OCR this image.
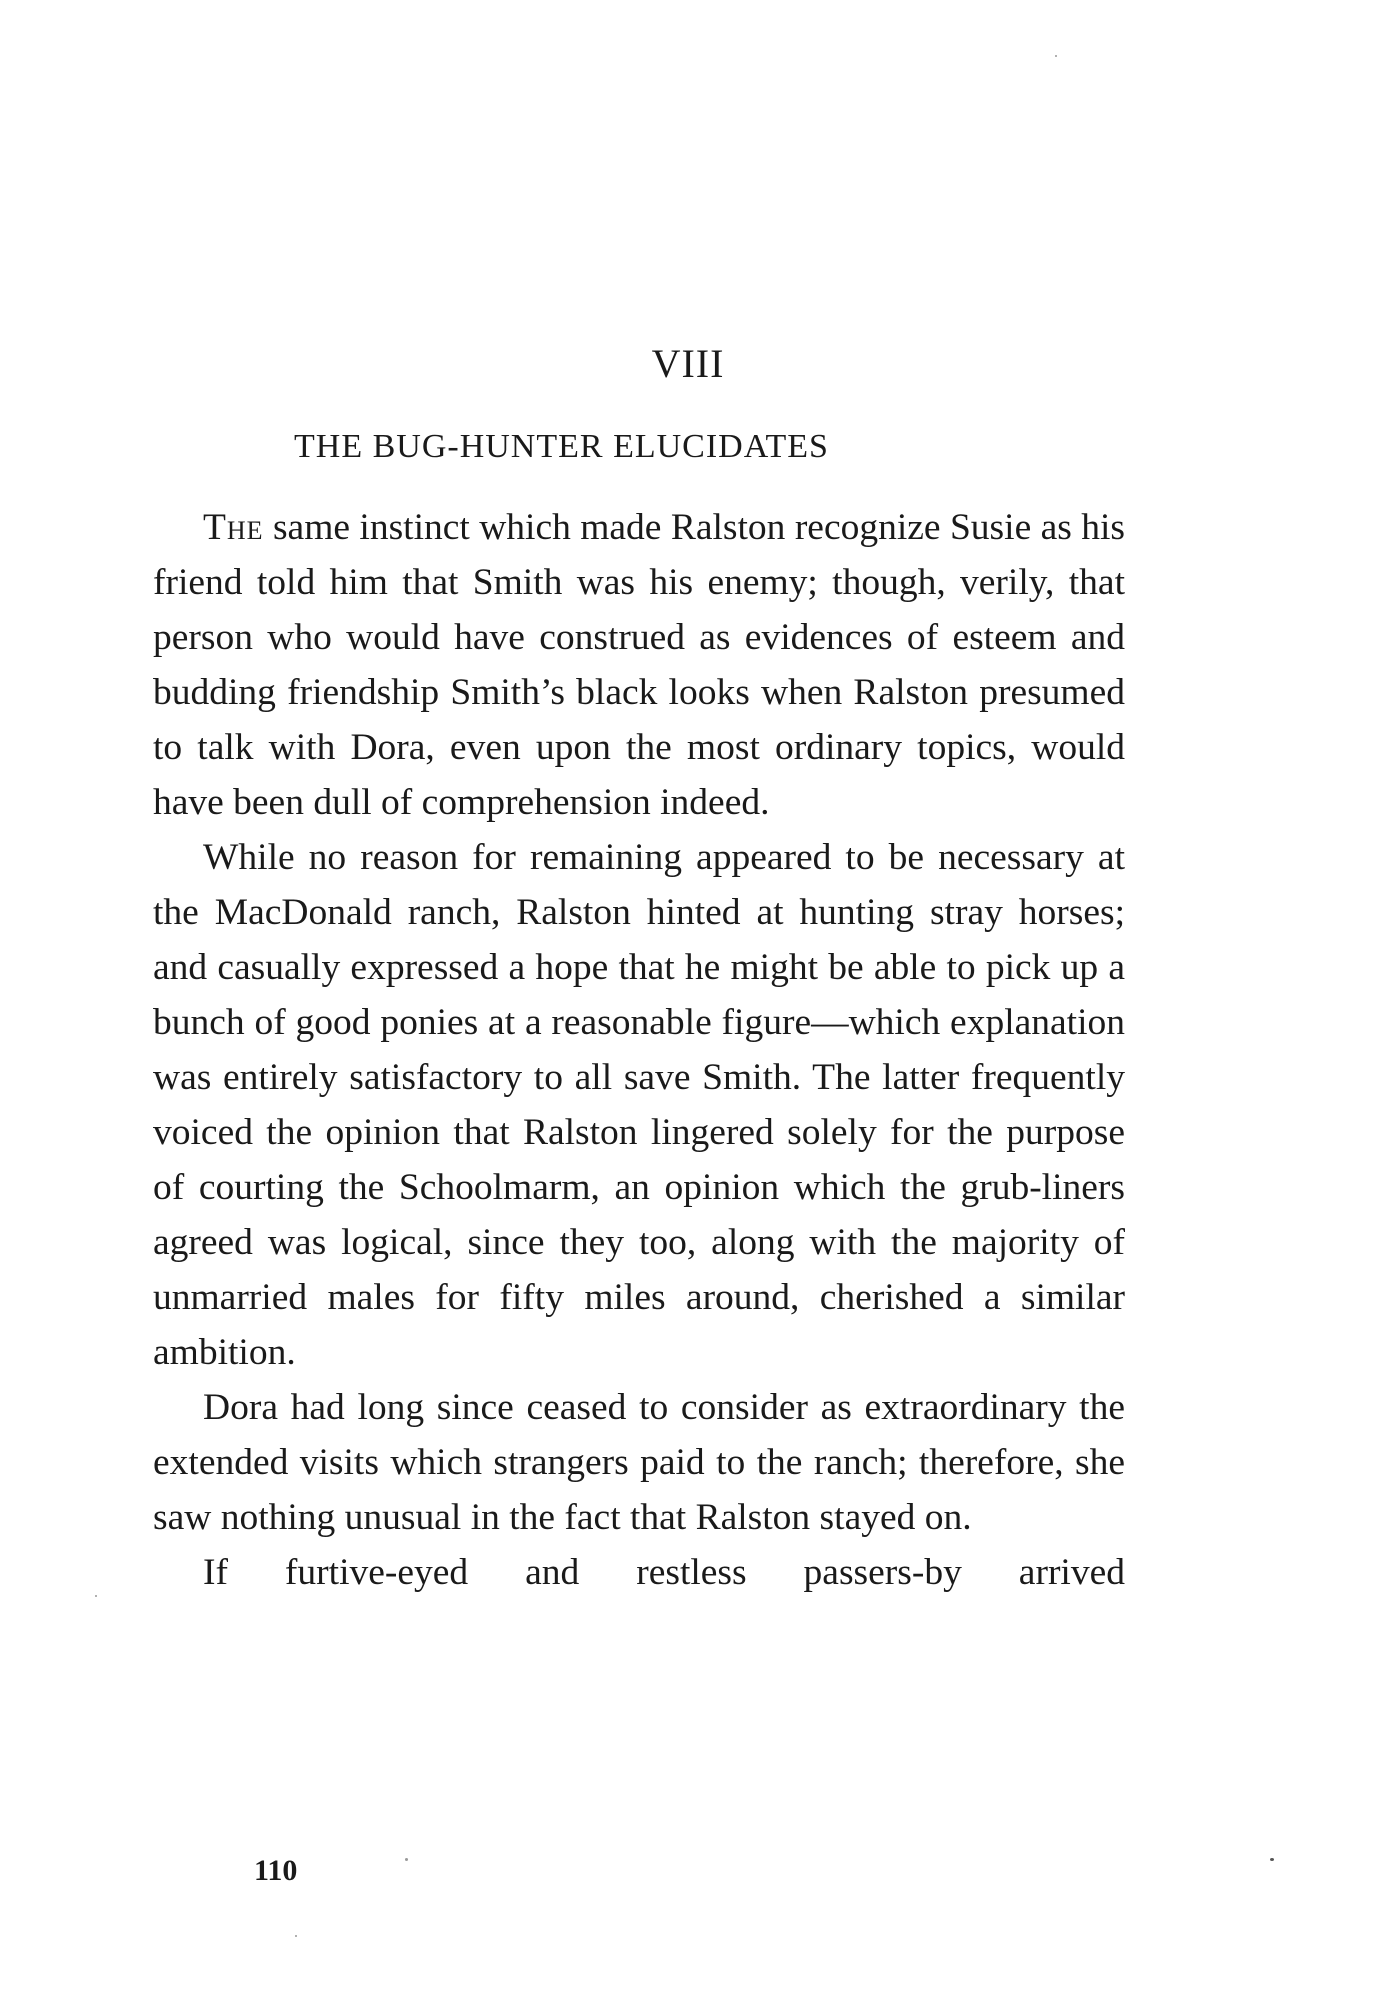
VIII
THE BUG-HUNTER ELUCIDATES

The same instinct which made Ralston recognize Susie as his friend told him that Smith was his enemy; though, verily, that person who would have construed as evidences of esteem and budding friendship Smith’s black looks when Ralston presumed to talk with Dora, even upon the most ordinary topics, would have been dull of comprehension indeed.

While no reason for remaining appeared to be necessary at the MacDonald ranch, Ralston hinted at hunting stray horses; and casually expressed a hope that he might be able to pick up a bunch of good ponies at a reasonable figure—which explanation was entirely satisfactory to all save Smith. The latter frequently voiced the opinion that Ralston lingered solely for the purpose of courting the Schoolmarm, an opinion which the grub-liners agreed was logical, since they too, along with the majority of unmarried males for fifty miles around, cherished a similar ambition.

Dora had long since ceased to consider as extraordinary the extended visits which strangers paid to the ranch; therefore, she saw nothing unusual in the fact that Ralston stayed on.

If furtive-eyed and restless passers-by arrived

110
